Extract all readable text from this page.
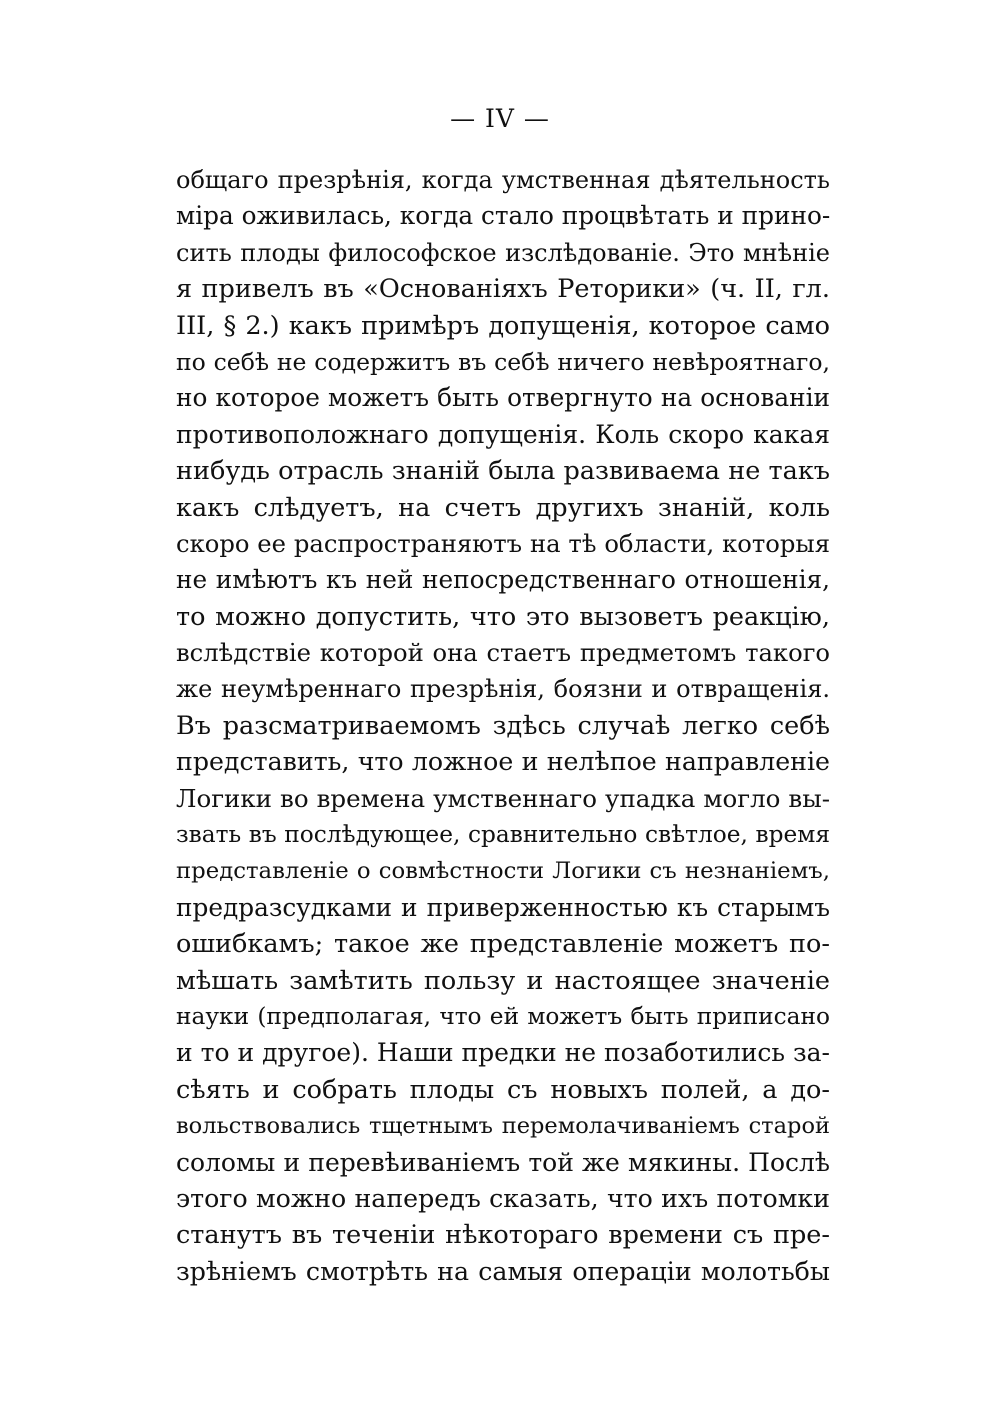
— IV —
общаго презрѣнія, когда умственная дѣятельность
міра оживилась, когда стало процвѣтать и прино-
сить плоды философское изслѣдованіе. Это мнѣніе
я привелъ въ «Основаніяхъ Реторики» (ч. II, гл.
III, § 2.) какъ примѣръ допущенія, которое само
по себѣ не содержитъ въ себѣ ничего невѣроятнаго,
но которое можетъ быть отвергнуто на основаніи
противоположнаго допущенія. Коль скоро какая
нибудь отрасль знаній была развиваема не такъ
какъ слѣдуетъ, на счетъ другихъ знаній, коль
скоро ее распространяютъ на тѣ области, которыя
не имѣютъ къ ней непосредственнаго отношенія,
то можно допустить, что это вызоветъ реакцію,
вслѣдствіе которой она стаетъ предметомъ такого
же неумѣреннаго презрѣнія, боязни и отвращенія.
Въ разсматриваемомъ здѣсь случаѣ легко себѣ
представить, что ложное и нелѣпое направленіе
Логики во времена умственнаго упадка могло вы-
звать въ послѣдующее, сравнительно свѣтлое, время
представленіе о совмѣстности Логики съ незнаніемъ,
предразсудками и приверженностью къ старымъ
ошибкамъ; такое же представленіе можетъ по-
мѣшать замѣтить пользу и настоящее значеніе
науки (предполагая, что ей можетъ быть приписано
и то и другое). Наши предки не позаботились за-
сѣять и собрать плоды съ новыхъ полей, а до-
вольствовались тщетнымъ перемолачиваніемъ старой
соломы и перевѣиваніемъ той же мякины. Послѣ
этого можно напередъ сказать, что ихъ потомки
станутъ въ теченіи нѣкотораго времени съ пре-
зрѣніемъ смотрѣть на самыя операціи молотьбы
